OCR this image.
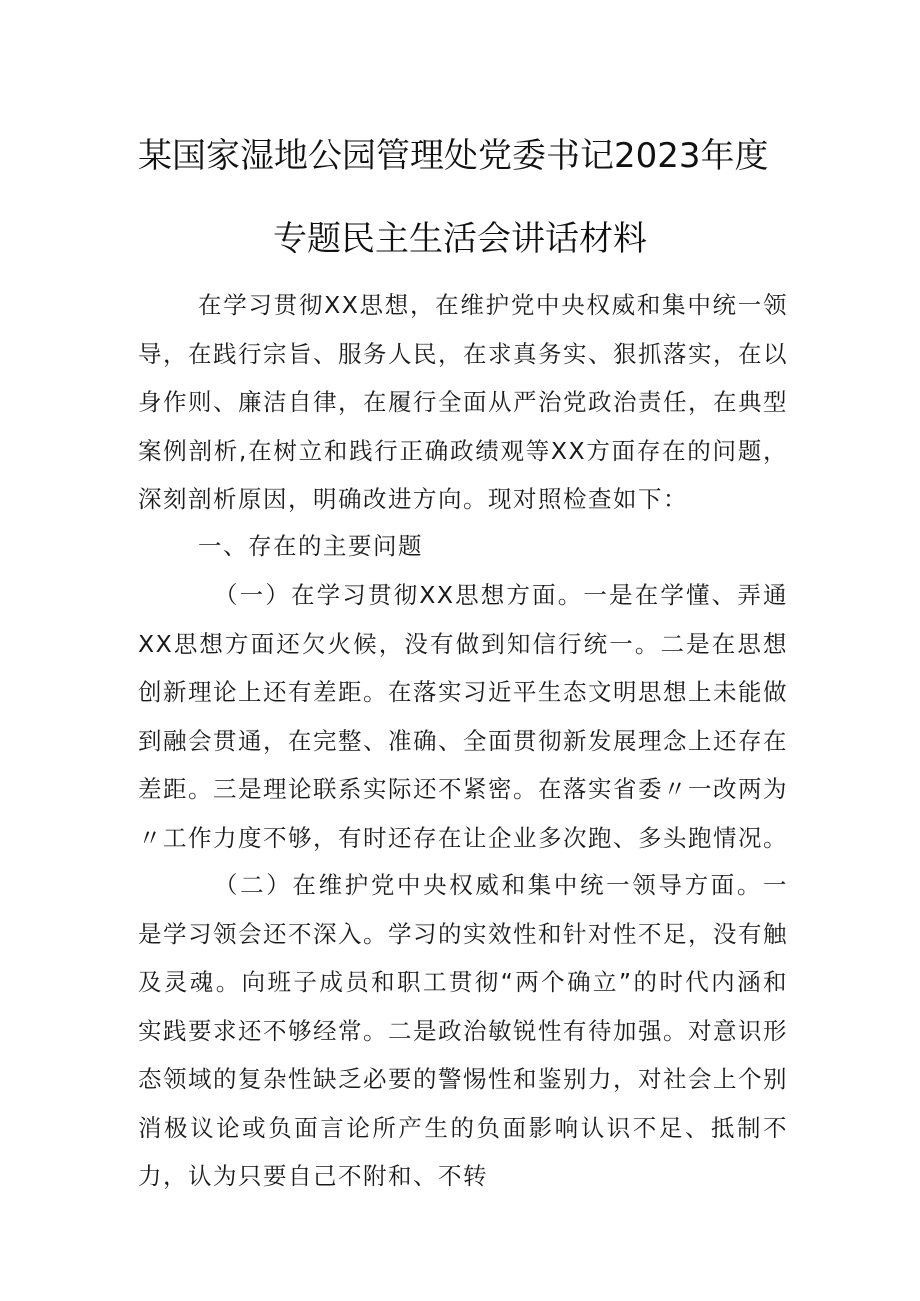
某国家湿地公园管理处党委书记2023年度
专题民主生活会讲话材料

在学习贯彻XX思想，在维护党中央权威和集中统一领导，在践行宗旨、服务人民，在求真务实、狠抓落实，在以身作则、廉洁自律，在履行全面从严治党政治责任，在典型案例剖析,在树立和践行正确政绩观等XX方面存在的问题，深刻剖析原因，明确改进方向。现对照检查如下：

一、存在的主要问题

（一）在学习贯彻XX思想方面。一是在学懂、弄通XX思想方面还欠火候，没有做到知信行统一。二是在思想创新理论上还有差距。在落实习近平生态文明思想上未能做到融会贯通，在完整、准确、全面贯彻新发展理念上还存在差距。三是理论联系实际还不紧密。在落实省委〃一改两为〃工作力度不够，有时还存在让企业多次跑、多头跑情况。

（二）在维护党中央权威和集中统一领导方面。一是学习领会还不深入。学习的实效性和针对性不足，没有触及灵魂。向班子成员和职工贯彻“两个确立”的时代内涵和实践要求还不够经常。二是政治敏锐性有待加强。对意识形态领域的复杂性缺乏必要的警惕性和鉴别力，对社会上个别消极议论或负面言论所产生的负面影响认识不足、抵制不力，认为只要自己不附和、不转
